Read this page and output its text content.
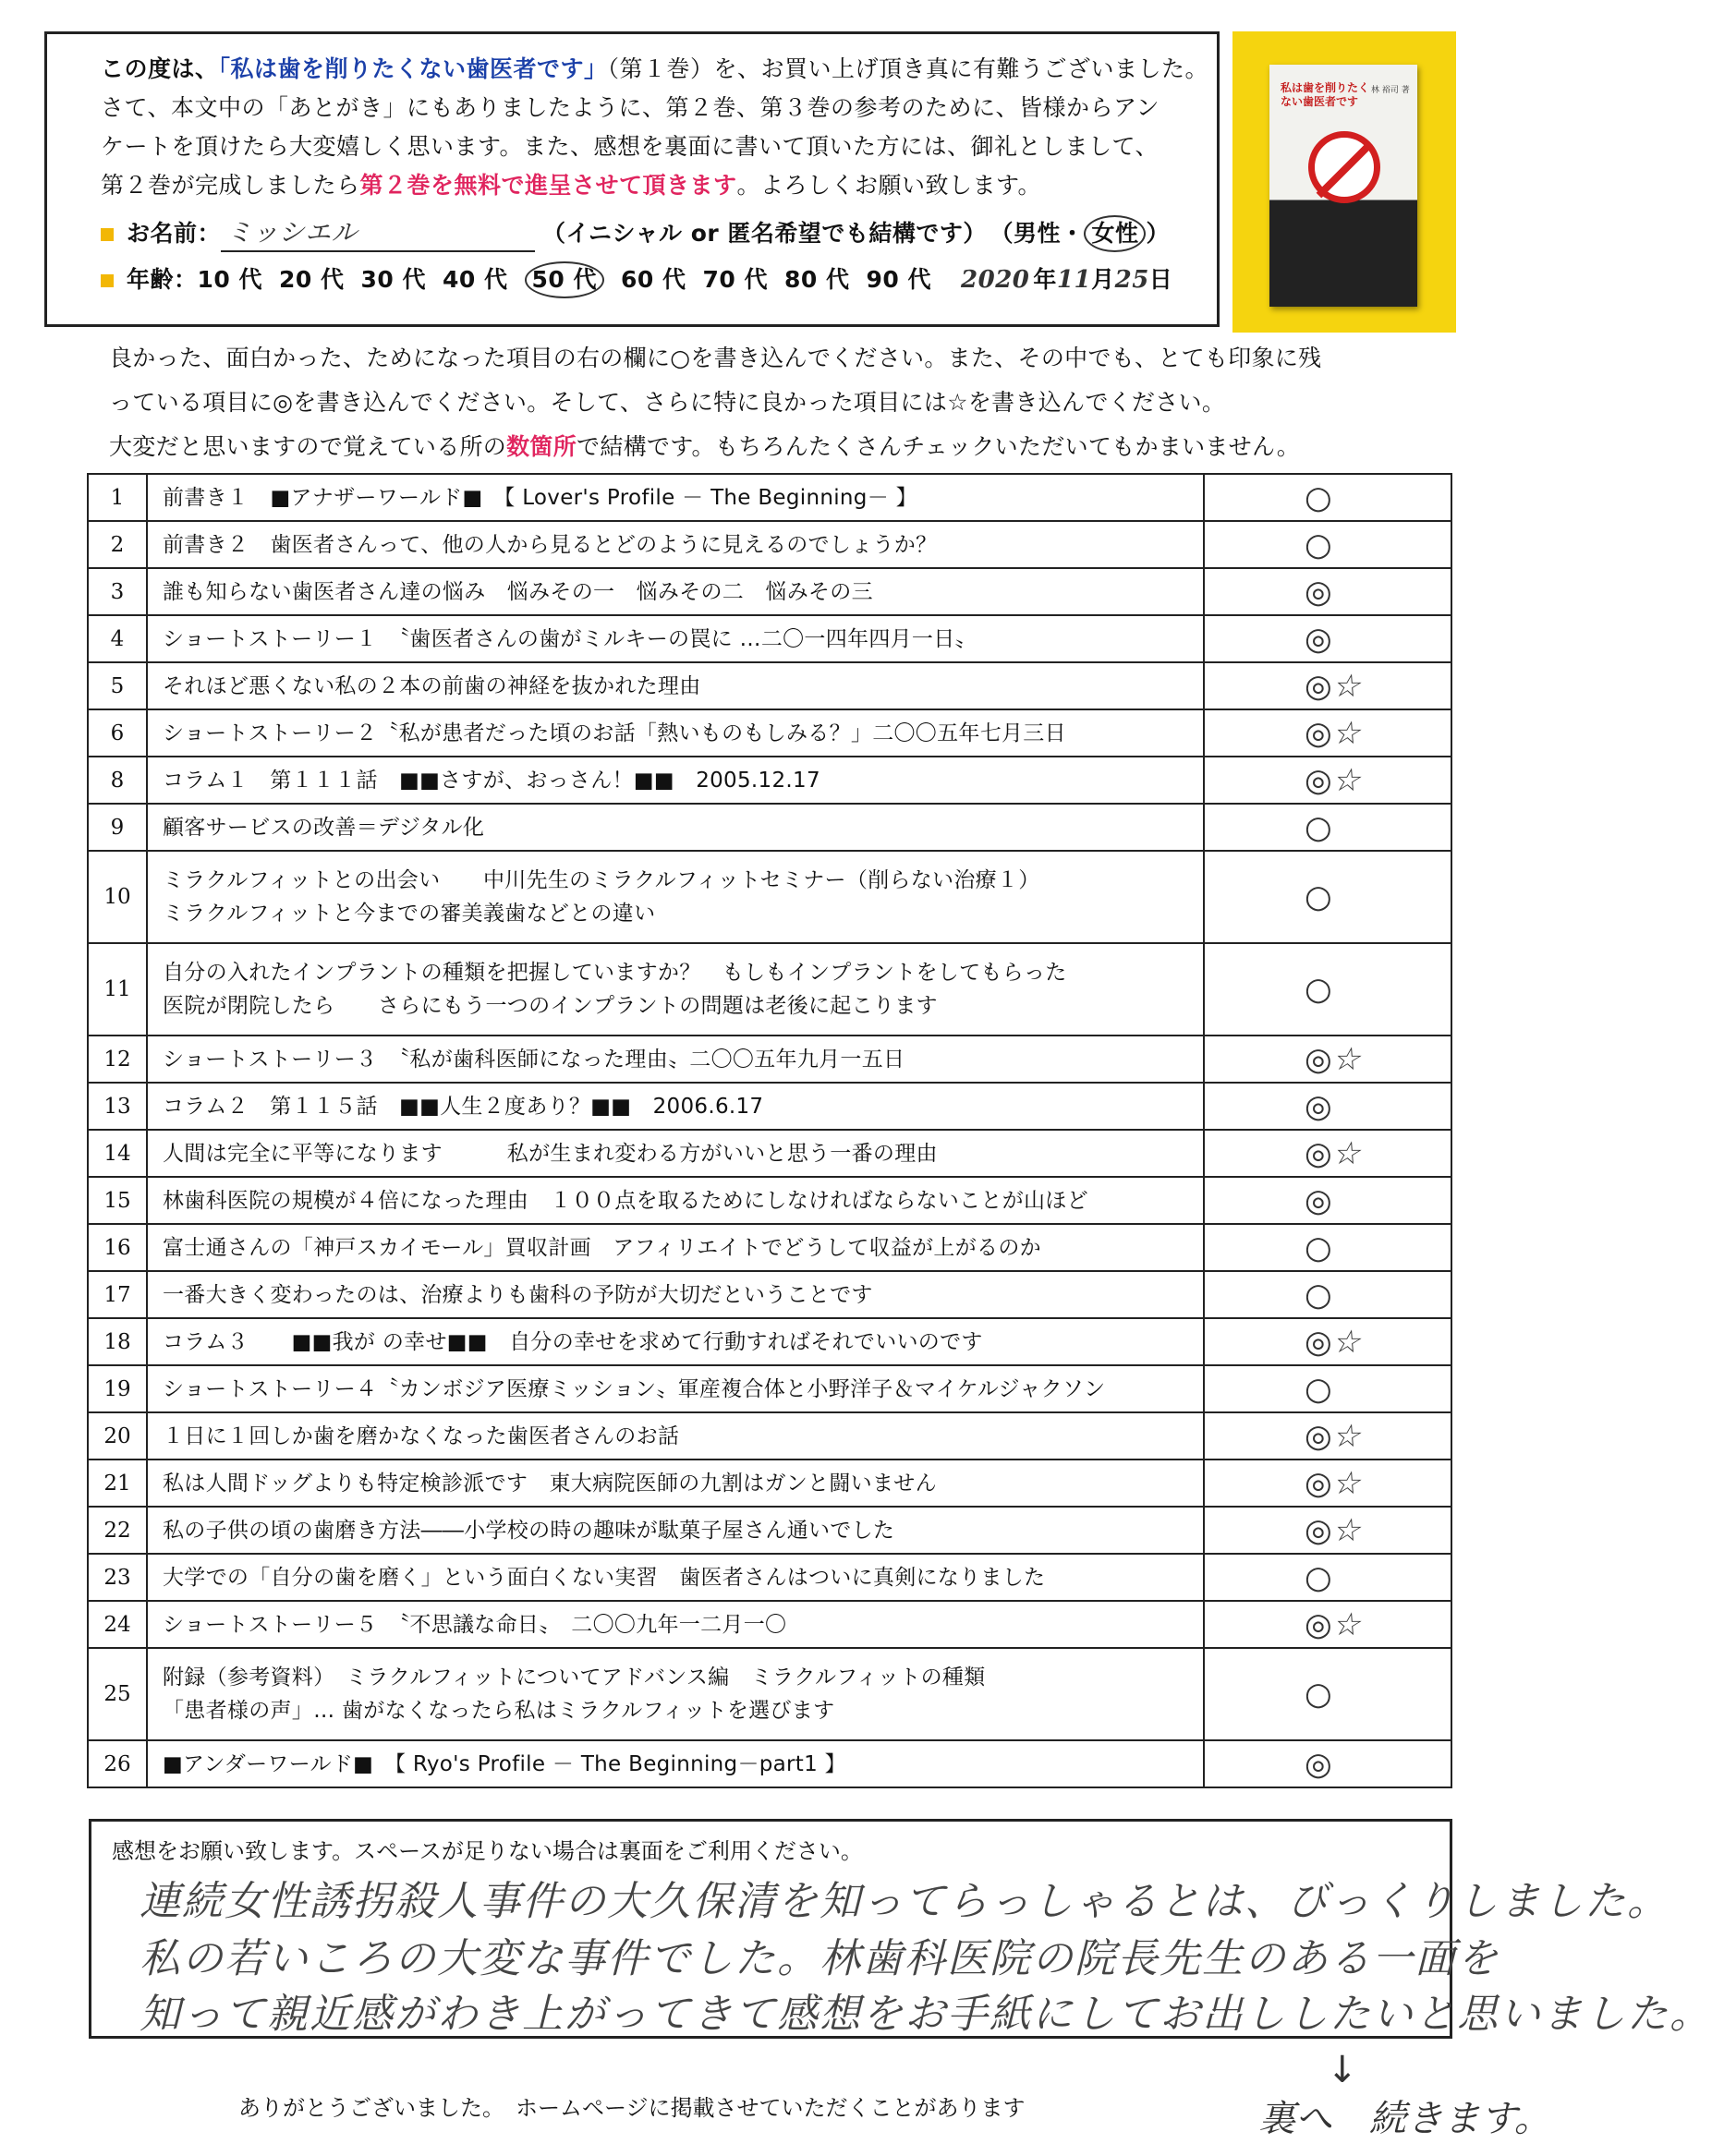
この度は、「私は歯を削りたくない歯医者です」（第１巻）を、お買い上げ頂き真に有難うございました。
さて、本文中の「あとがき」にもありましたように、第２巻、第３巻の参考のために、皆様からアン
ケートを頂けたら大変嬉しく思います。また、感想を裏面に書いて頂いた方には、御礼としまして、
第２巻が完成しましたら第２巻を無料で進呈させて頂きます。よろしくお願い致します。
お名前： ミッシエル	（イニシャル or 匿名希望でも結構です） （男性・ 女性 ）
年齢：10 代 20 代 30 代 40 代 50 代 60 代 70 代 80 代 90 代 2020 年11月25日
私は歯を削りたくない歯医者です
林 裕司 著
良かった、面白かった、ためになった項目の右の欄に○を書き込んでください。また、その中でも、とても印象に残
っている項目に◎を書き込んでください。そして、さらに特に良かった項目には☆を書き込んでください。
大変だと思いますので覚えている所の数箇所で結構です。もちろんたくさんチェックいただいてもかまいません。
1	前書き１　■アナザーワールド■　【 Lover's Profile － The Beginning－ 】	○
2	前書き２　歯医者さんって、他の人から見るとどのように見えるのでしょうか？	○
3	誰も知らない歯医者さん達の悩み　悩みその一　悩みその二　悩みその三	◎
4	ショートストーリー１　〝歯医者さんの歯がミルキーの罠に …二〇一四年四月一日〟	◎
5	それほど悪くない私の２本の前歯の神経を抜かれた理由	◎☆
6	ショートストーリー２〝私が患者だった頃のお話「熱いものもしみる？」二〇〇五年七月三日	◎☆
8	コラム１　第１１１話　■■さすが、おっさん！■■　2005.12.17	◎☆
9	顧客サービスの改善＝デジタル化	○
10	ミラクルフィットとの出会い　　中川先生のミラクルフィットセミナー（削らない治療１）
ミラクルフィットと今までの審美義歯などとの違い	○
11	自分の入れたインプラントの種類を把握していますか？　もしもインプラントをしてもらった
医院が閉院したら　　さらにもう一つのインプラントの問題は老後に起こります	○
12	ショートストーリー３　〝私が歯科医師になった理由〟二〇〇五年九月一五日	◎☆
13	コラム２　第１１５話　■■人生２度あり？■■　2006.6.17	◎
14	人間は完全に平等になります　　　私が生まれ変わる方がいいと思う一番の理由	◎☆
15	林歯科医院の規模が４倍になった理由　１００点を取るためにしなければならないことが山ほど	◎
16	富士通さんの「神戸スカイモール」買収計画　アフィリエイトでどうして収益が上がるのか	○
17	一番大きく変わったのは、治療よりも歯科の予防が大切だということです	○
18	コラム３　　■■我が の幸せ■■　自分の幸せを求めて行動すればそれでいいのです	◎☆
19	ショートストーリー４〝カンボジア医療ミッション〟軍産複合体と小野洋子＆マイケルジャクソン	○
20	１日に１回しか歯を磨かなくなった歯医者さんのお話	◎☆
21	私は人間ドッグよりも特定検診派です　東大病院医師の九割はガンと闘いません	◎☆
22	私の子供の頃の歯磨き方法――小学校の時の趣味が駄菓子屋さん通いでした	◎☆
23	大学での「自分の歯を磨く」という面白くない実習　歯医者さんはついに真剣になりました	○
24	ショートストーリー５　〝不思議な命日〟　二〇〇九年一二月一〇	◎☆
25	附録（参考資料）　ミラクルフィットについてアドバンス編　ミラクルフィットの種類
「患者様の声」… 歯がなくなったら私はミラクルフィットを選びます	○
26	■アンダーワールド■　【 Ryo's Profile － The Beginning－part1 】	◎
感想をお願い致します。スペースが足りない場合は裏面をご利用ください。
連続女性誘拐殺人事件の大久保清を知ってらっしゃるとは、びっくりしました。
私の若いころの大変な事件でした。林歯科医院の院長先生のある一面を
知って親近感がわき上がってきて感想をお手紙にしてお出ししたいと思いました。
ありがとうございました。　ホームページに掲載させていただくことがあります
↓
裏へ　続きます。
